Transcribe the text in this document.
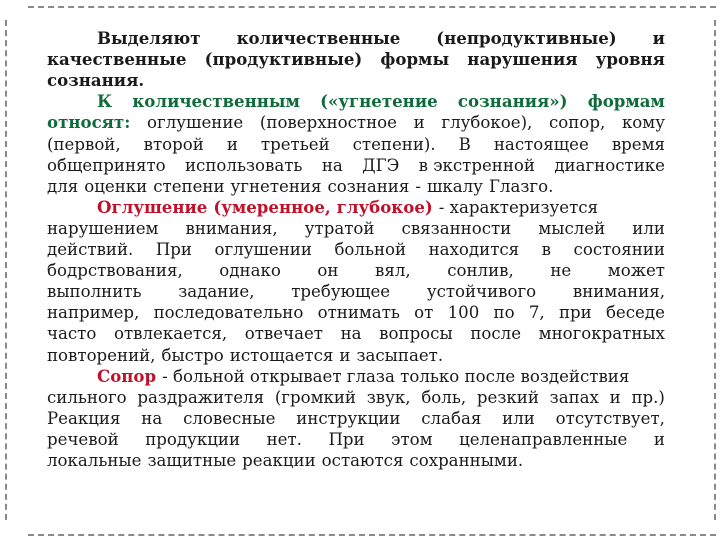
Выделяют количественные (непродуктивные) и
качественные (продуктивные) формы нарушения уровня
сознания.
К количественным («угнетение сознания») формам
относят: оглушение (поверхностное и глубокое), сопор, кому
(первой, второй и третьей степени). В настоящее время
общепринято использовать на ДГЭ в экстренной диагностике
для оценки степени угнетения сознания - шкалу Глазго.
Оглушение (умеренное, глубокое) - характеризуется
нарушением внимания, утратой связанности мыслей или
действий. При оглушении больной находится в состоянии
бодрствования, однако он вял, сонлив, не может
выполнить задание, требующее устойчивого внимания,
например, последовательно отнимать от 100 по 7, при беседе
часто отвлекается, отвечает на вопросы после многократных
повторений, быстро истощается и засыпает.
Сопор - больной открывает глаза только после воздействия
сильного раздражителя (громкий звук, боль, резкий запах и пр.)
Реакция на словесные инструкции слабая или отсутствует,
речевой продукции нет. При этом целенаправленные и
локальные защитные реакции остаются сохранными.
